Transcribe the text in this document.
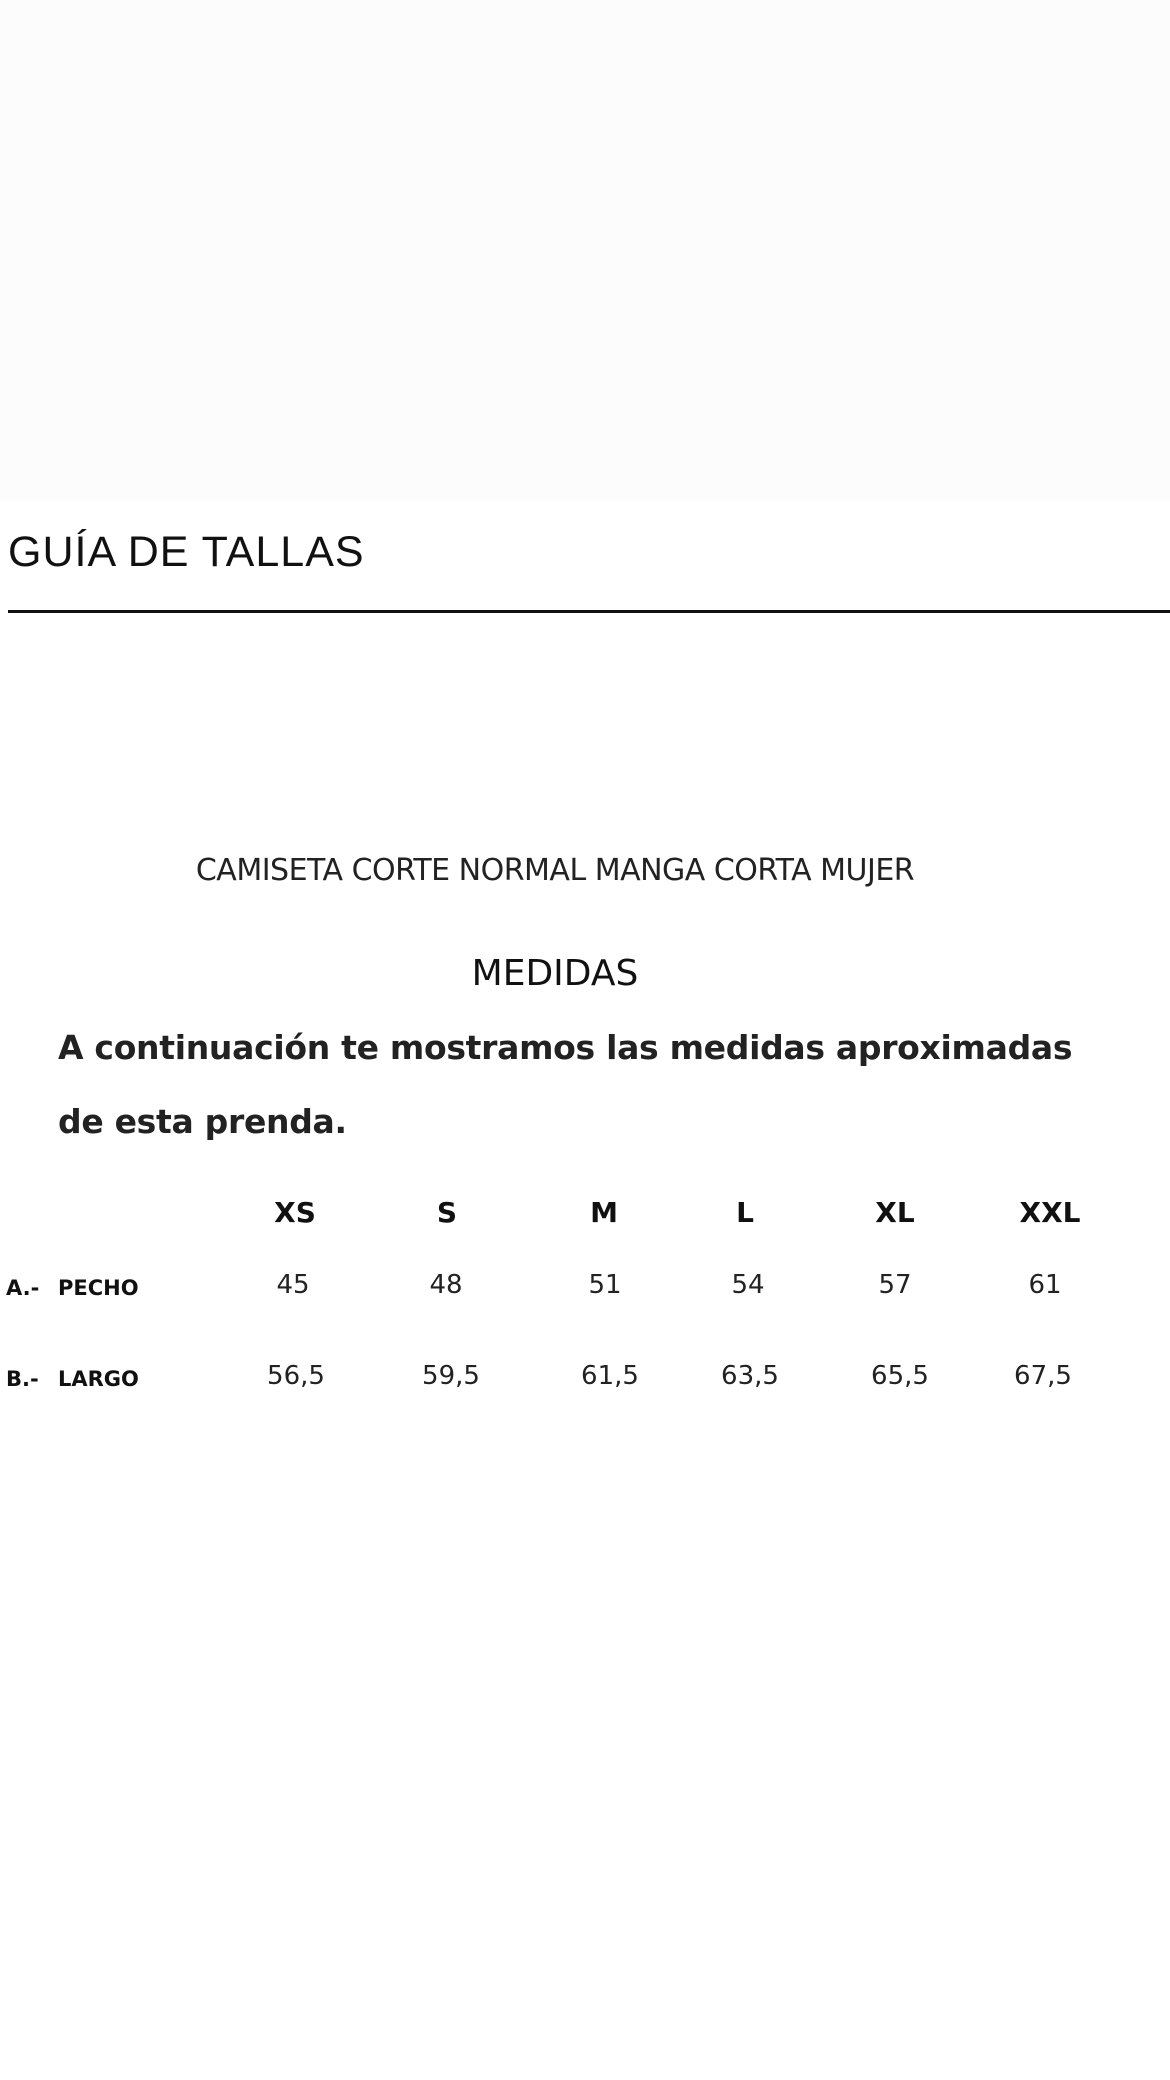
GUÍA DE TALLAS
CAMISETA CORTE NORMAL MANGA CORTA MUJER
MEDIDAS
A continuación te mostramos las medidas aproximadas
de esta prenda.
XS	S	M	L	XL	XXL
A.- PECHO	45	48	51	54	57	61
B.- LARGO	56,5	59,5	61,5	63,5	65,5	67,5
